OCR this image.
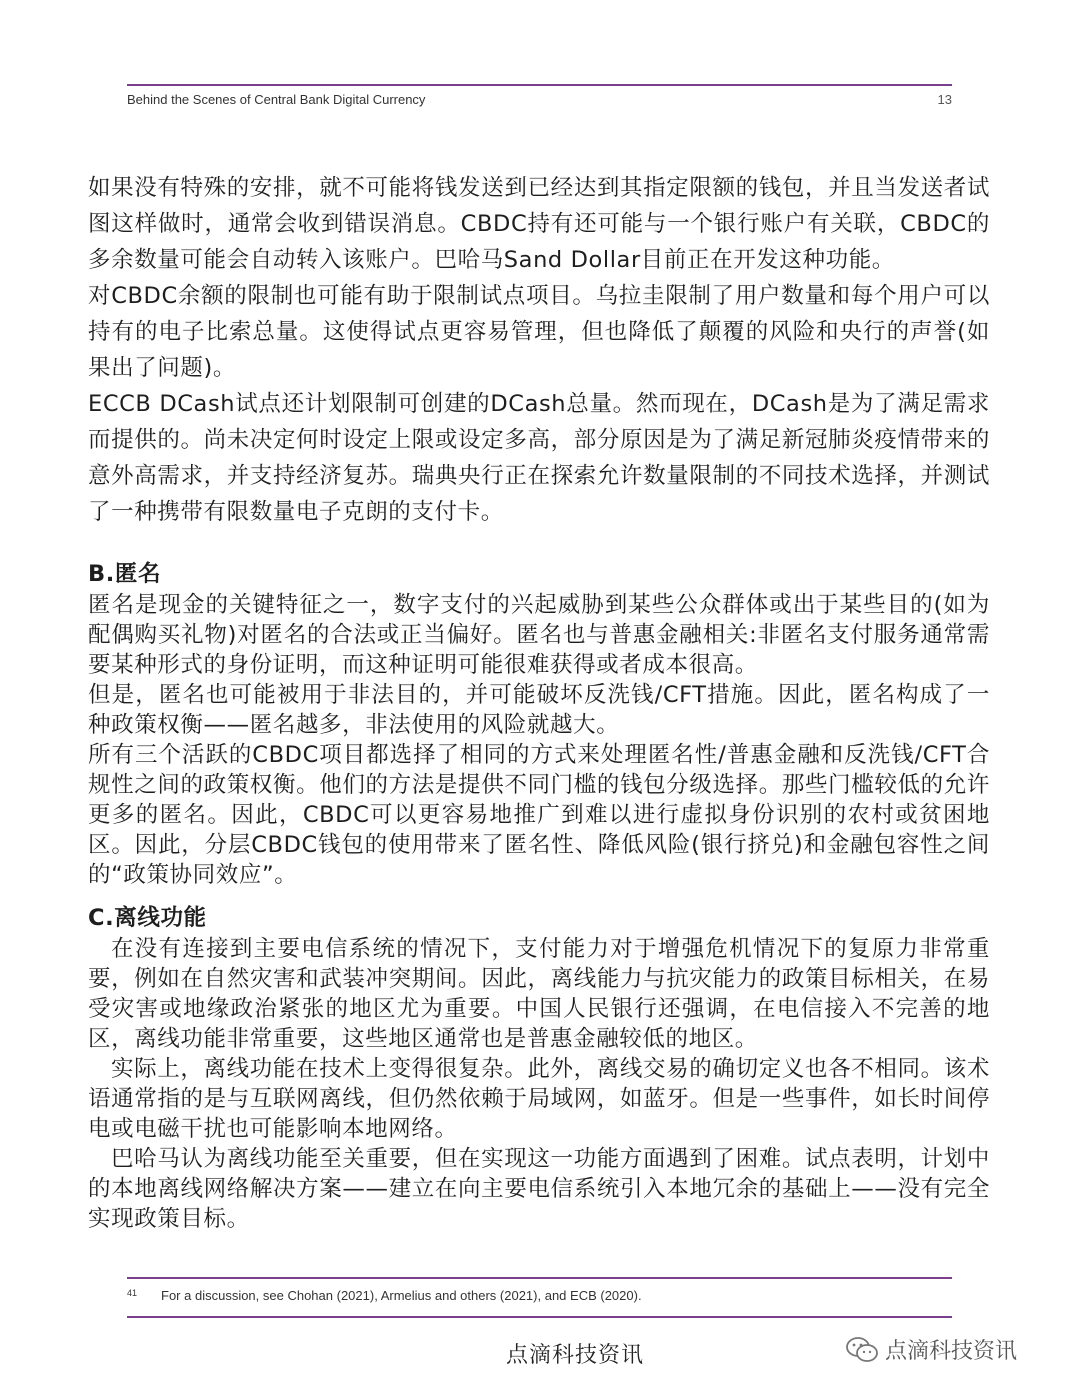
Behind the Scenes of Central Bank Digital Currency	13

如果没有特殊的安排，就不可能将钱发送到已经达到其指定限额的钱包，并且当发送者试图这样做时，通常会收到错误消息。CBDC持有还可能与一个银行账户有关联，CBDC的多余数量可能会自动转入该账户。巴哈马Sand Dollar目前正在开发这种功能。

对CBDC余额的限制也可能有助于限制试点项目。乌拉圭限制了用户数量和每个用户可以持有的电子比索总量。这使得试点更容易管理，但也降低了颠覆的风险和央行的声誉(如果出了问题)。

ECCB DCash试点还计划限制可创建的DCash总量。然而现在，DCash是为了满足需求而提供的。尚未决定何时设定上限或设定多高，部分原因是为了满足新冠肺炎疫情带来的意外高需求，并支持经济复苏。瑞典央行正在探索允许数量限制的不同技术选择，并测试了一种携带有限数量电子克朗的支付卡。

B.匿名

匿名是现金的关键特征之一，数字支付的兴起威胁到某些公众群体或出于某些目的(如为配偶购买礼物)对匿名的合法或正当偏好。匿名也与普惠金融相关:非匿名支付服务通常需要某种形式的身份证明，而这种证明可能很难获得或者成本很高。

但是，匿名也可能被用于非法目的，并可能破坏反洗钱/CFT措施。因此，匿名构成了一种政策权衡——匿名越多，非法使用的风险就越大。

所有三个活跃的CBDC项目都选择了相同的方式来处理匿名性/普惠金融和反洗钱/CFT合规性之间的政策权衡。他们的方法是提供不同门槛的钱包分级选择。那些门槛较低的允许更多的匿名。因此，CBDC可以更容易地推广到难以进行虚拟身份识别的农村或贫困地区。因此，分层CBDC钱包的使用带来了匿名性、降低风险(银行挤兑)和金融包容性之间的“政策协同效应”。

C.离线功能

在没有连接到主要电信系统的情况下，支付能力对于增强危机情况下的复原力非常重要，例如在自然灾害和武装冲突期间。因此，离线能力与抗灾能力的政策目标相关，在易受灾害或地缘政治紧张的地区尤为重要。中国人民银行还强调，在电信接入不完善的地区，离线功能非常重要，这些地区通常也是普惠金融较低的地区。

实际上，离线功能在技术上变得很复杂。此外，离线交易的确切定义也各不相同。该术语通常指的是与互联网离线，但仍然依赖于局域网，如蓝牙。但是一些事件，如长时间停电或电磁干扰也可能影响本地网络。

巴哈马认为离线功能至关重要，但在实现这一功能方面遇到了困难。试点表明，计划中的本地离线网络解决方案——建立在向主要电信系统引入本地冗余的基础上——没有完全实现政策目标。

$^{41}$ For a discussion, see Chohan (2021), Armelius and others (2021), and ECB (2020).
点滴科技资讯	点滴科技资讯
